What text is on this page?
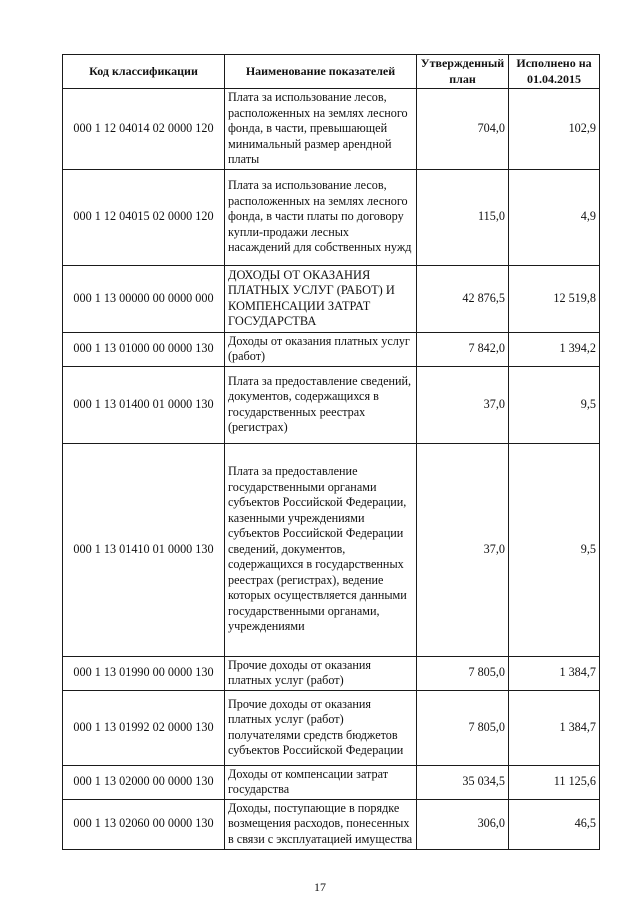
Код классификации	Наименование показателей	Утвержденный план	Исполнено на 01.04.2015
000 1 12 04014 02 0000 120	Плата за использование лесов, расположенных на землях лесного фонда, в части, превышающей минимальный размер арендной платы	704,0	102,9
000 1 12 04015 02 0000 120	Плата за использование лесов, расположенных на землях лесного фонда, в части платы по договору купли-продажи лесных насаждений для собственных нужд	115,0	4,9
000 1 13 00000 00 0000 000	ДОХОДЫ ОТ ОКАЗАНИЯ ПЛАТНЫХ УСЛУГ (РАБОТ) И КОМПЕНСАЦИИ ЗАТРАТ ГОСУДАРСТВА	42 876,5	12 519,8
000 1 13 01000 00 0000 130	Доходы от оказания платных услуг (работ)	7 842,0	1 394,2
000 1 13 01400 01 0000 130	Плата за предоставление сведений, документов, содержащихся в государственных реестрах (регистрах)	37,0	9,5
000 1 13 01410 01 0000 130	Плата за предоставление государственными органами субъектов Российской Федерации, казенными учреждениями субъектов Российской Федерации сведений, документов, содержащихся в государственных реестрах (регистрах), ведение которых осуществляется данными государственными органами, учреждениями	37,0	9,5
000 1 13 01990 00 0000 130	Прочие доходы от оказания платных услуг (работ)	7 805,0	1 384,7
000 1 13 01992 02 0000 130	Прочие доходы от оказания платных услуг (работ) получателями средств бюджетов субъектов Российской Федерации	7 805,0	1 384,7
000 1 13 02000 00 0000 130	Доходы от компенсации затрат государства	35 034,5	11 125,6
000 1 13 02060 00 0000 130	Доходы, поступающие в порядке возмещения расходов, понесенных в связи с эксплуатацией имущества	306,0	46,5
17
